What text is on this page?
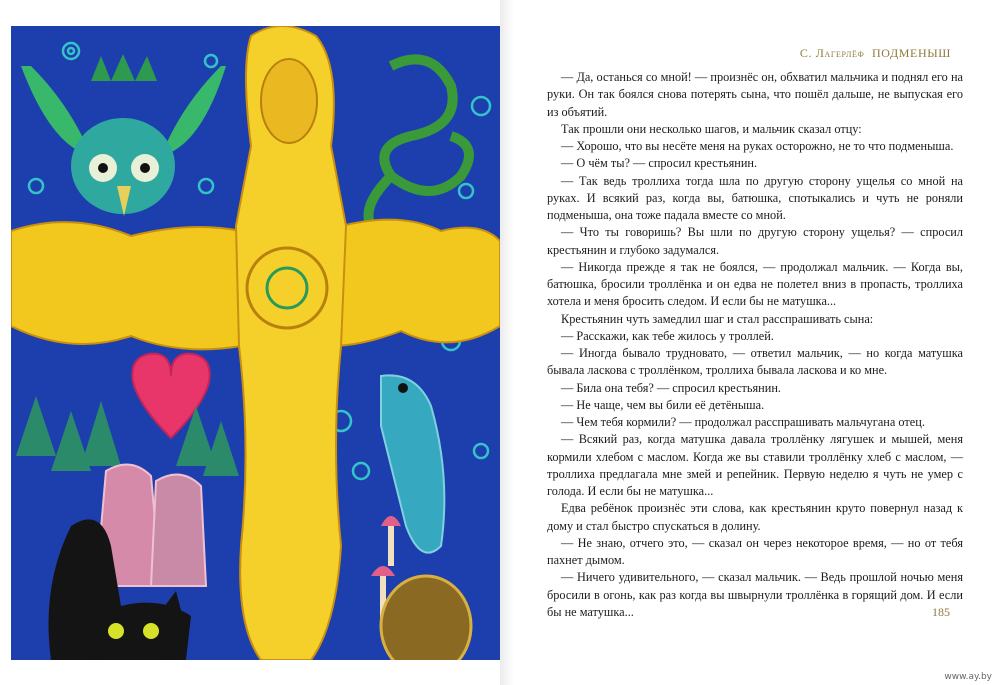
С. Лагерлёф ПОДМЕНЫШ

— Да, останься со мной! — произнёс он, обхватил мальчика и поднял его на руки. Он так боялся снова потерять сына, что пошёл дальше, не выпуская его из объятий.

Так прошли они несколько шагов, и мальчик сказал отцу:

— Хорошо, что вы несёте меня на руках осторожно, не то что подменыша.

— О чём ты? — спросил крестьянин.

— Так ведь троллиха тогда шла по другую сторону ущелья со мной на руках. И всякий раз, когда вы, батюшка, спотыкались и чуть не роняли подменыша, она тоже падала вместе со мной.

— Что ты говоришь? Вы шли по другую сторону ущелья? — спросил крестьянин и глубоко задумался.

— Никогда прежде я так не боялся, — продолжал мальчик. — Когда вы, батюшка, бросили троллёнка и он едва не полетел вниз в пропасть, троллиха хотела и меня бросить следом. И если бы не матушка...

Крестьянин чуть замедлил шаг и стал расспрашивать сына:

— Расскажи, как тебе жилось у троллей.

— Иногда бывало трудновато, — ответил мальчик, — но когда матушка бывала ласкова с троллёнком, троллиха бывала ласкова и ко мне.

— Била она тебя? — спросил крестьянин.

— Не чаще, чем вы били её детёныша.

— Чем тебя кормили? — продолжал расспрашивать мальчугана отец.

— Всякий раз, когда матушка давала троллёнку лягушек и мышей, меня кормили хлебом с маслом. Когда же вы ставили троллёнку хлеб с маслом, — троллиха предлагала мне змей и репейник. Первую неделю я чуть не умер с голода. И если бы не матушка...

Едва ребёнок произнёс эти слова, как крестьянин круто повернул назад к дому и стал быстро спускаться в долину.

— Не знаю, отчего это, — сказал он через некоторое время, — но от тебя пахнет дымом.

— Ничего удивительного, — сказал мальчик. — Ведь прошлой ночью меня бросили в огонь, как раз когда вы швырнули троллёнка в горящий дом. И если бы не матушка...	185
www.ay.by
